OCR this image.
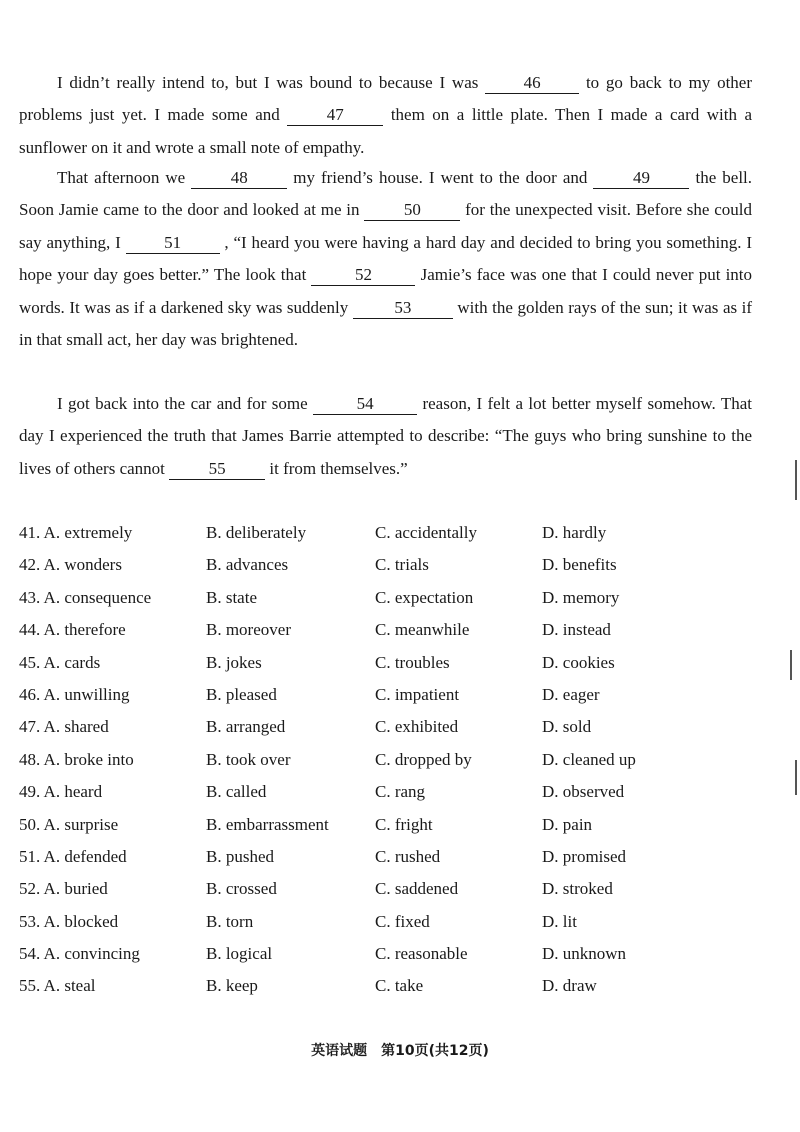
I didn’t really intend to, but I was bound to because I was	46	to go back to my other problems just yet. I made some and	47	them on a little plate. Then I made a card with a sunflower on it and wrote a small note of empathy.

That afternoon we	48	my friend’s house. I went to the door and	49	the bell. Soon Jamie came to the door and looked at me in	50	for the unexpected visit. Before she could say anything, I	51	, “I heard you were having a hard day and decided to bring you something. I hope your day goes better.” The look that	52	Jamie’s face was one that I could never put into words. It was as if a darkened sky was suddenly	53	with the golden rays of the sun; it was as if in that small act, her day was brightened.

I got back into the car and for some	54	reason, I felt a lot better myself somehow. That day I experienced the truth that James Barrie attempted to describe: “The guys who bring sunshine to the lives of others cannot	55	it from themselves.”

41. A. extremely	B. deliberately	C. accidentally	D. hardly
42. A. wonders	B. advances	C. trials	D. benefits
43. A. consequence	B. state	C. expectation	D. memory
44. A. therefore	B. moreover	C. meanwhile	D. instead
45. A. cards	B. jokes	C. troubles	D. cookies
46. A. unwilling	B. pleased	C. impatient	D. eager
47. A. shared	B. arranged	C. exhibited	D. sold
48. A. broke into	B. took over	C. dropped by	D. cleaned up
49. A. heard	B. called	C. rang	D. observed
50. A. surprise	B. embarrassment	C. fright	D. pain
51. A. defended	B. pushed	C. rushed	D. promised
52. A. buried	B. crossed	C. saddened	D. stroked
53. A. blocked	B. torn	C. fixed	D. lit
54. A. convincing	B. logical	C. reasonable	D. unknown
55. A. steal	B. keep	C. take	D. draw
英语试题　第10页(共12页)
